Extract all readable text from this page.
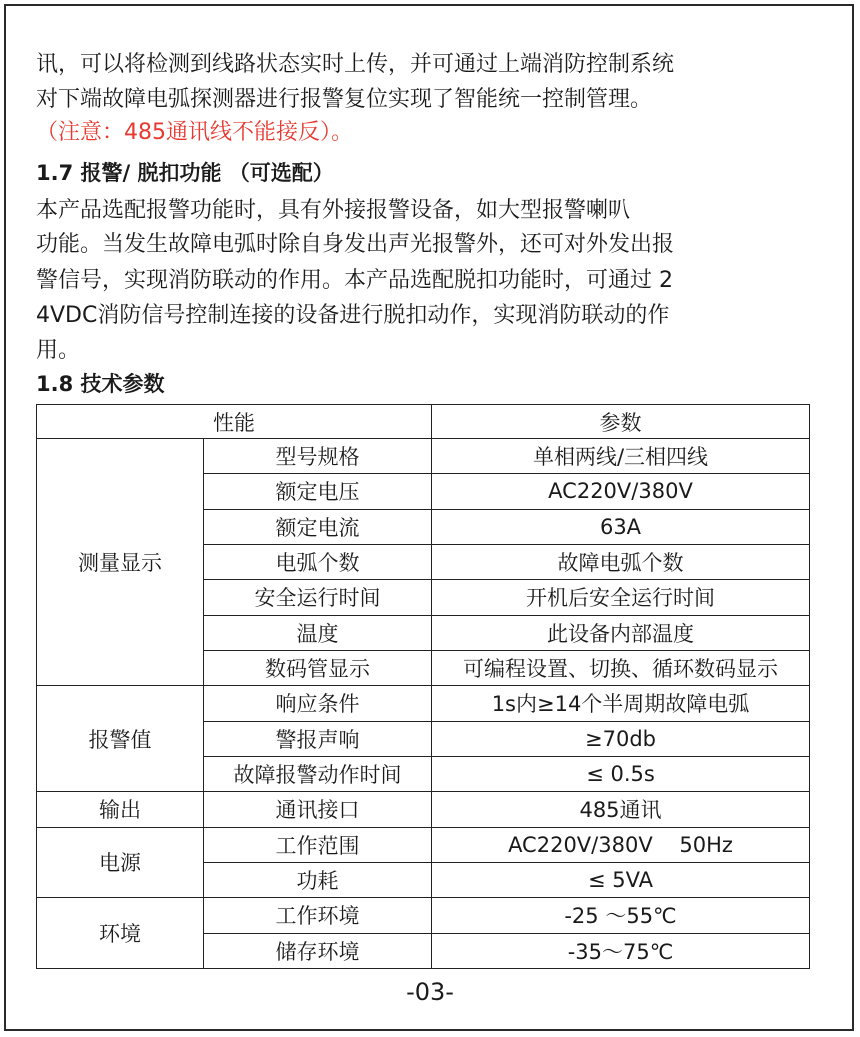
讯，可以将检测到线路状态实时上传，并可通过上端消防控制系统
对下端故障电弧探测器进行报警复位实现了智能统一控制管理。
（注意：485通讯线不能接反）。
1.7 报警/ 脱扣功能 （可选配）
本产品选配报警功能时，具有外接报警设备，如大型报警喇叭
功能。当发生故障电弧时除自身发出声光报警外，还可对外发出报
警信号，实现消防联动的作用。本产品选配脱扣功能时，可通过 2
4VDC消防信号控制连接的设备进行脱扣动作，实现消防联动的作
用。
1.8 技术参数
性能		参数
测量显示	型号规格	单相两线/三相四线
	额定电压	AC220V/380V
	额定电流	63A
	电弧个数	故障电弧个数
	安全运行时间	开机后安全运行时间
	温度	此设备内部温度
	数码管显示	可编程设置、切换、循环数码显示
报警值	响应条件	1s内≥14个半周期故障电弧
	警报声响	≥70db
	故障报警动作时间	≤ 0.5s
输出	通讯接口	485通讯
电源	工作范围	AC220V/380V    50Hz
	功耗	≤ 5VA
环境	工作环境	-25 ～55℃
	储存环境	-35～75℃
-03-
